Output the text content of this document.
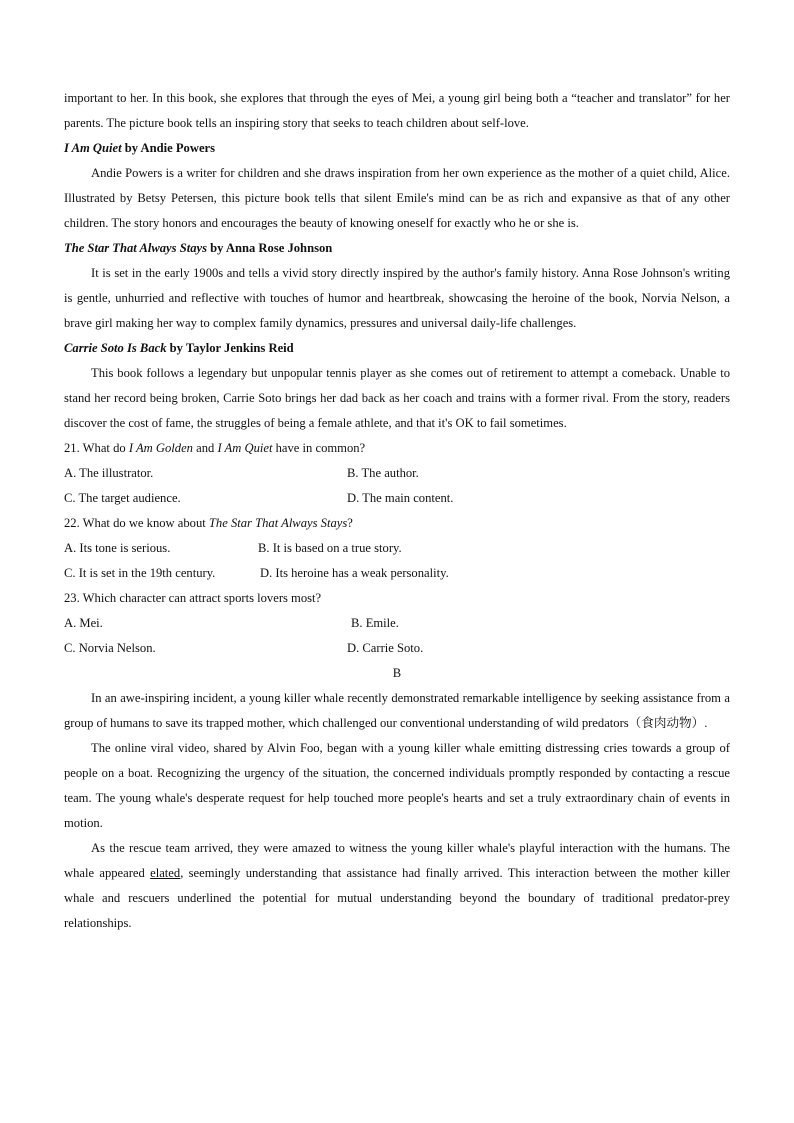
important to her. In this book, she explores that through the eyes of Mei, a young girl being both a “teacher and translator” for her parents. The picture book tells an inspiring story that seeks to teach children about self-love.

I Am Quiet by Andie Powers

Andie Powers is a writer for children and she draws inspiration from her own experience as the mother of a quiet child, Alice. Illustrated by Betsy Petersen, this picture book tells that silent Emile's mind can be as rich and expansive as that of any other children. The story honors and encourages the beauty of knowing oneself for exactly who he or she is.

The Star That Always Stays by Anna Rose Johnson

It is set in the early 1900s and tells a vivid story directly inspired by the author's family history. Anna Rose Johnson's writing is gentle, unhurried and reflective with touches of humor and heartbreak, showcasing the heroine of the book, Norvia Nelson, a brave girl making her way to complex family dynamics, pressures and universal daily-life challenges.

Carrie Soto Is Back by Taylor Jenkins Reid

This book follows a legendary but unpopular tennis player as she comes out of retirement to attempt a comeback. Unable to stand her record being broken, Carrie Soto brings her dad back as her coach and trains with a former rival. From the story, readers discover the cost of fame, the struggles of being a female athlete, and that it's OK to fail sometimes.

21. What do I Am Golden and I Am Quiet have in common?

A. The illustrator.	B. The author.
C. The target audience.	D. The main content.

22. What do we know about The Star That Always Stays?

A. Its tone is serious.	B. It is based on a true story.
C. It is set in the 19th century.	D. Its heroine has a weak personality.

23. Which character can attract sports lovers most?

A. Mei.	B. Emile.
C. Norvia Nelson.	D. Carrie Soto.

B

In an awe-inspiring incident, a young killer whale recently demonstrated remarkable intelligence by seeking assistance from a group of humans to save its trapped mother, which challenged our conventional understanding of wild predators（食肉动物）.

The online viral video, shared by Alvin Foo, began with a young killer whale emitting distressing cries towards a group of people on a boat. Recognizing the urgency of the situation, the concerned individuals promptly responded by contacting a rescue team. The young whale's desperate request for help touched more people's hearts and set a truly extraordinary chain of events in motion.

As the rescue team arrived, they were amazed to witness the young killer whale's playful interaction with the humans. The whale appeared elated, seemingly understanding that assistance had finally arrived. This interaction between the mother killer whale and rescuers underlined the potential for mutual understanding beyond the boundary of traditional predator-prey relationships.
